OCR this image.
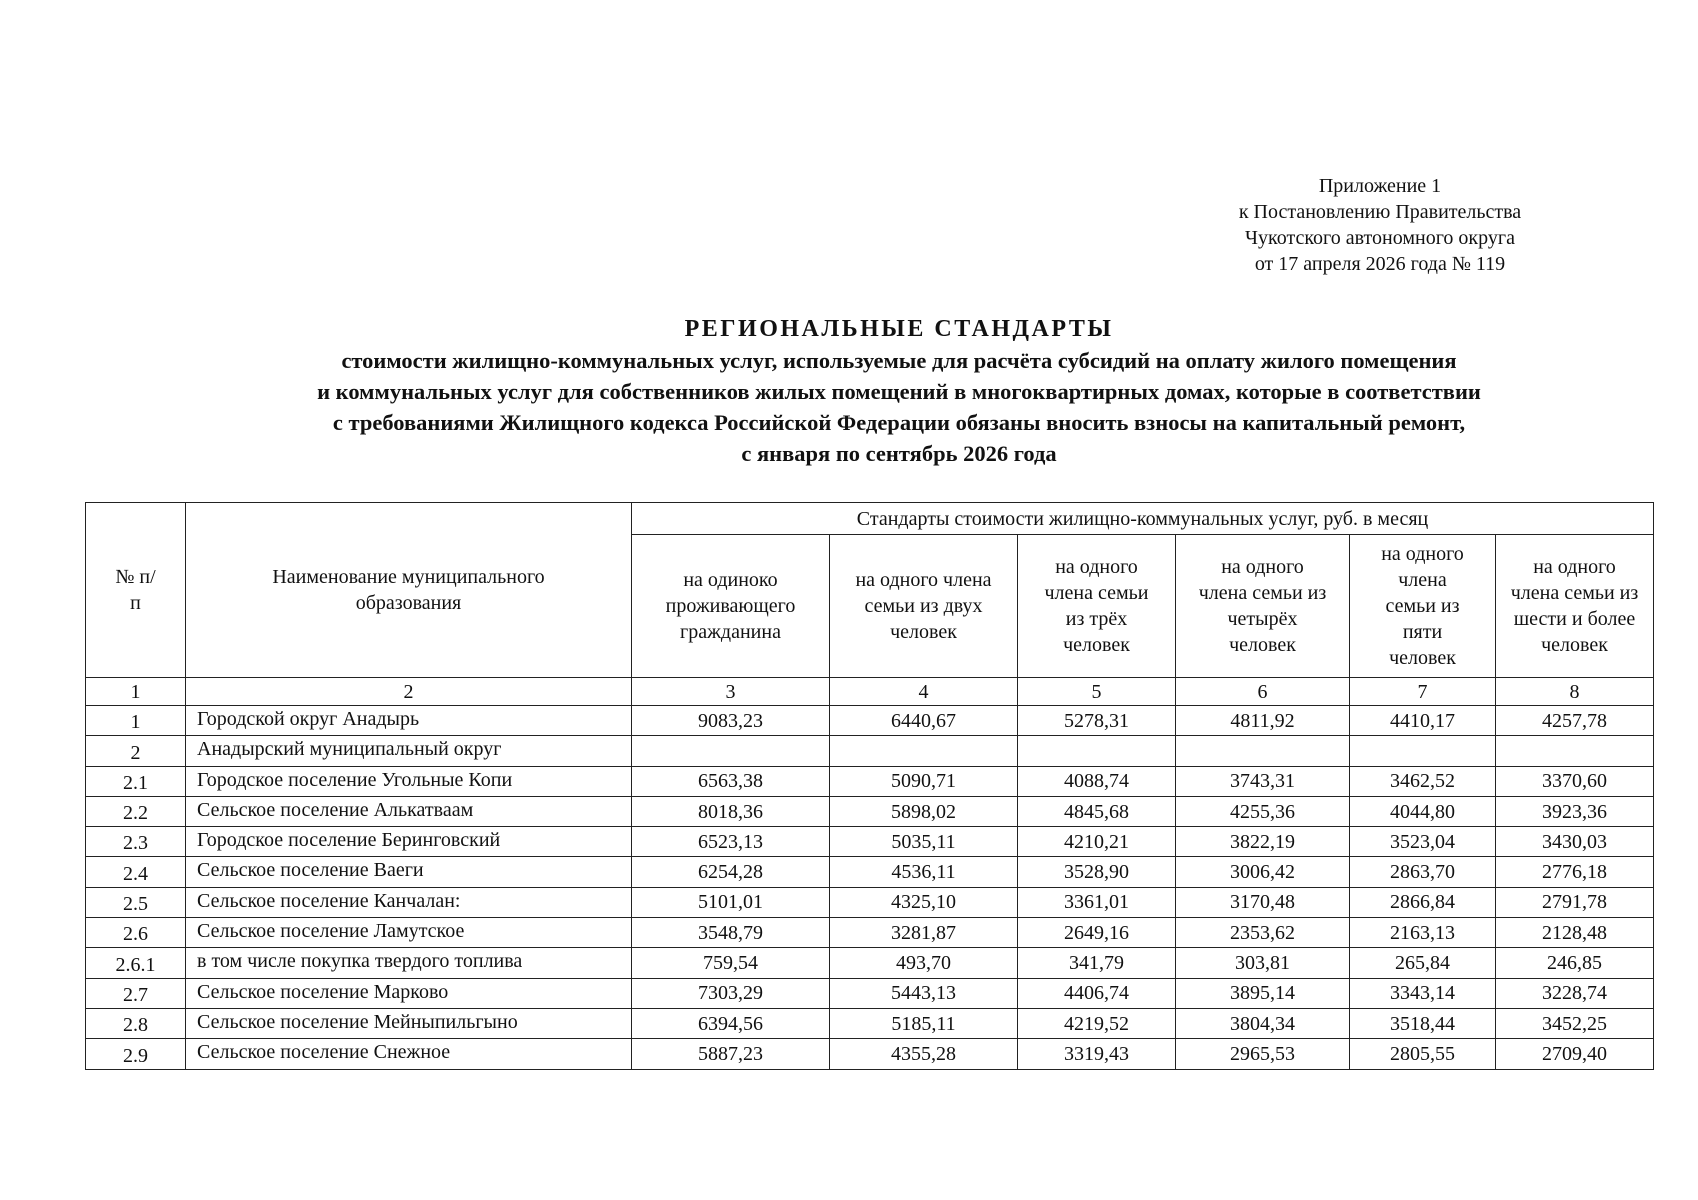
Приложение 1
к Постановлению Правительства
Чукотского автономного округа
от 17 апреля 2026 года № 119

РЕГИОНАЛЬНЫЕ СТАНДАРТЫ

стоимости жилищно-коммунальных услуг, используемые для расчёта субсидий на оплату жилого помещения

и коммунальных услуг для собственников жилых помещений в многоквартирных домах, которые в соответствии

с требованиями Жилищного кодекса Российской Федерации обязаны вносить взносы на капитальный ремонт,

с января по сентябрь 2026 года

№ п/п	Наименование муниципального образования	Стандарты стоимости жилищно-коммунальных услуг, руб. в месяц					

		на одиноко проживающего гражданина	на одного члена семьи из двух человек	на одного члена семьи из трёх человек	на одного члена семьи из четырёх человек	на одного члена семьи из пяти человек	на одного члена семьи из шести и более человек

1	2	3	4	5	6	7	8
1	Городской округ Анадырь	9083,23	6440,67	5278,31	4811,92	4410,17	4257,78
2	Анадырский муниципальный округ						
2.1	Городское поселение Угольные Копи	6563,38	5090,71	4088,74	3743,31	3462,52	3370,60
2.2	Сельское поселение Алькатваам	8018,36	5898,02	4845,68	4255,36	4044,80	3923,36
2.3	Городское поселение Беринговский	6523,13	5035,11	4210,21	3822,19	3523,04	3430,03
2.4	Сельское поселение Ваеги	6254,28	4536,11	3528,90	3006,42	2863,70	2776,18
2.5	Сельское поселение Канчалан:	5101,01	4325,10	3361,01	3170,48	2866,84	2791,78
2.6	Сельское поселение Ламутское	3548,79	3281,87	2649,16	2353,62	2163,13	2128,48
2.6.1	в том числе покупка твердого топлива	759,54	493,70	341,79	303,81	265,84	246,85
2.7	Сельское поселение Марково	7303,29	5443,13	4406,74	3895,14	3343,14	3228,74
2.8	Сельское поселение Мейныпильгыно	6394,56	5185,11	4219,52	3804,34	3518,44	3452,25
2.9	Сельское поселение Снежное	5887,23	4355,28	3319,43	2965,53	2805,55	2709,40
